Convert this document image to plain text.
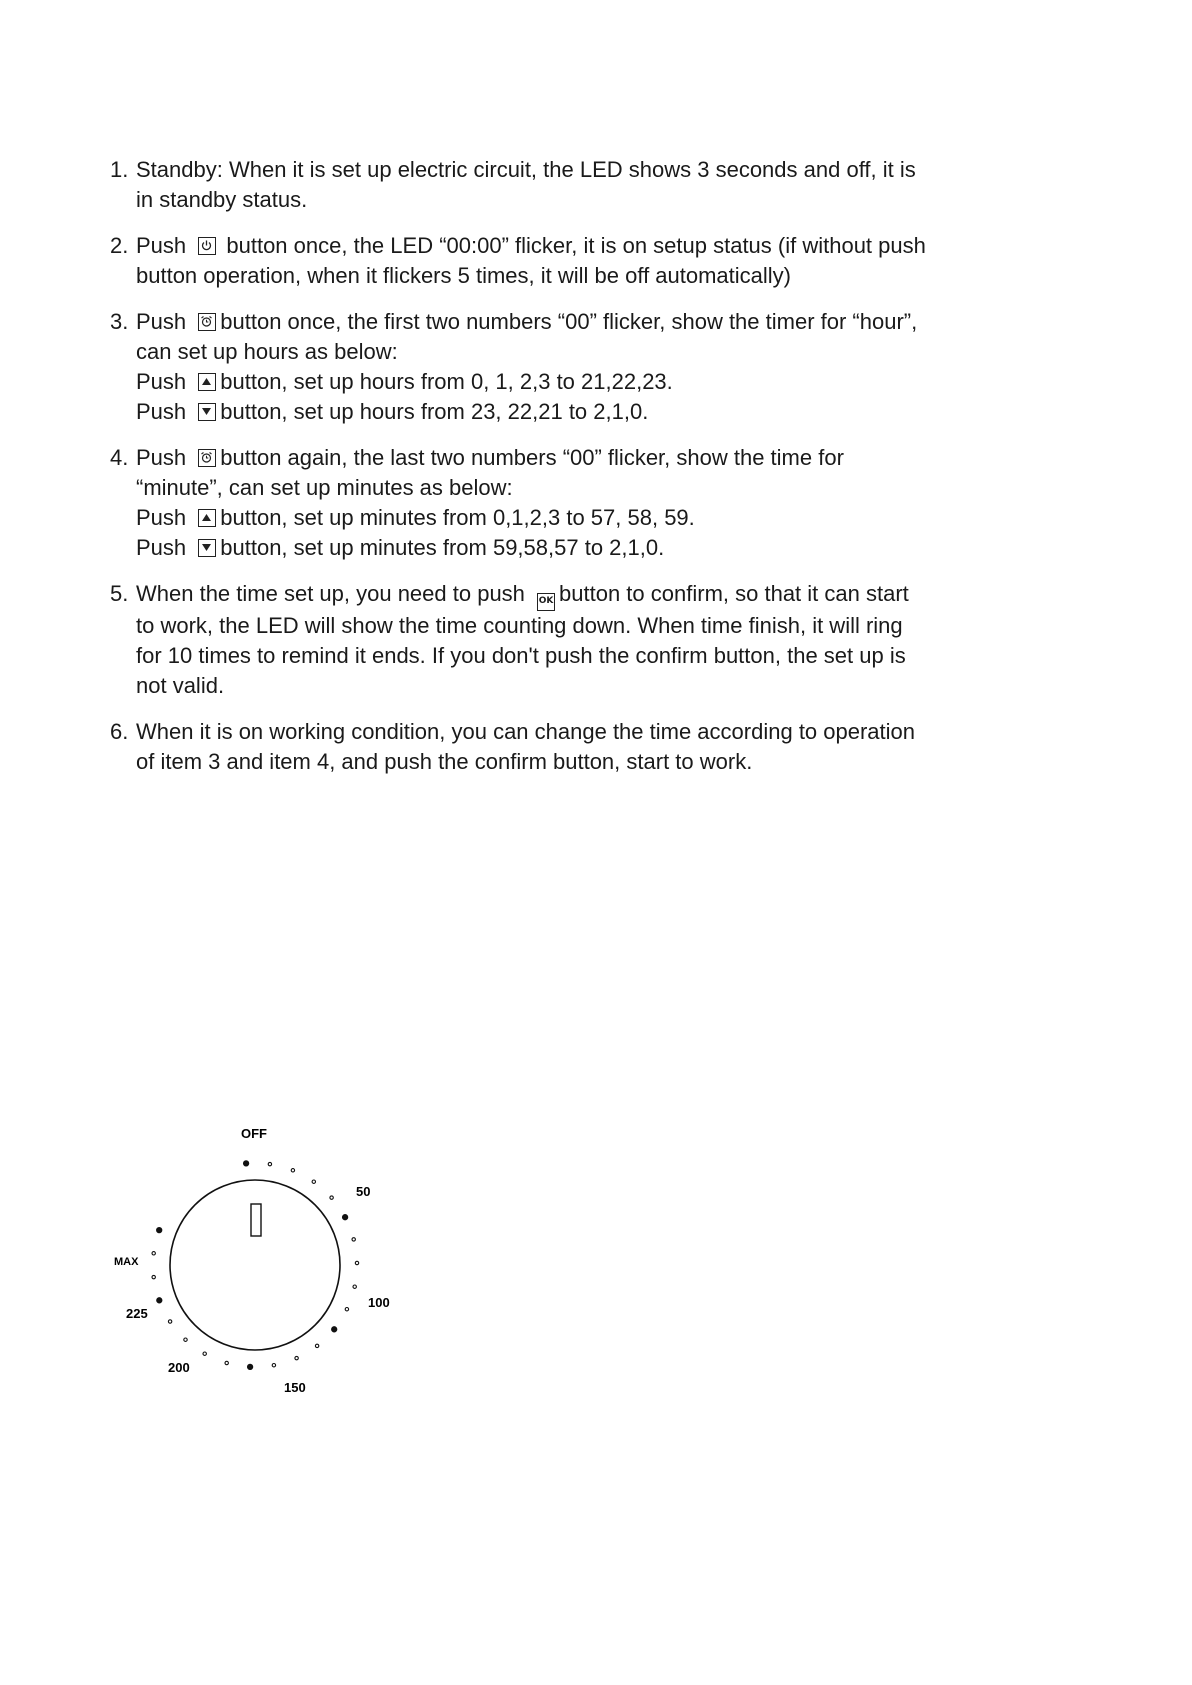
1. Standby: When it is set up electric circuit, the LED shows 3 seconds and off, it is
in standby status.
2. Push
button once, the LED “00:00” flicker, it is on setup status (if without push
button operation, when it flickers 5 times, it will be off automatically)
3. Push
button once, the first two numbers “00” flicker, show the timer for “hour”,
can set up hours as below:
Push
button, set up hours from 0, 1, 2,3 to 21,22,23.
Push
button, set up hours from 23, 22,21 to 2,1,0.
4. Push
button again, the last two numbers “00” flicker, show the time for
“minute”, can set up minutes as below:
Push
button, set up minutes from 0,1,2,3 to 57, 58, 59.
Push
button, set up minutes from 59,58,57 to 2,1,0.
5. When the time set up, you need to push OK button to confirm, so that it can start
to work, the LED will show the time counting down. When time finish, it will ring
for 10 times to remind it ends. If you don't push the confirm button, the set up is
not valid.
6. When it is on working condition, you can change the time according to operation
of item 3 and item 4, and push the confirm button, start to work.
OFF
50
100
150
200
225
MAX
